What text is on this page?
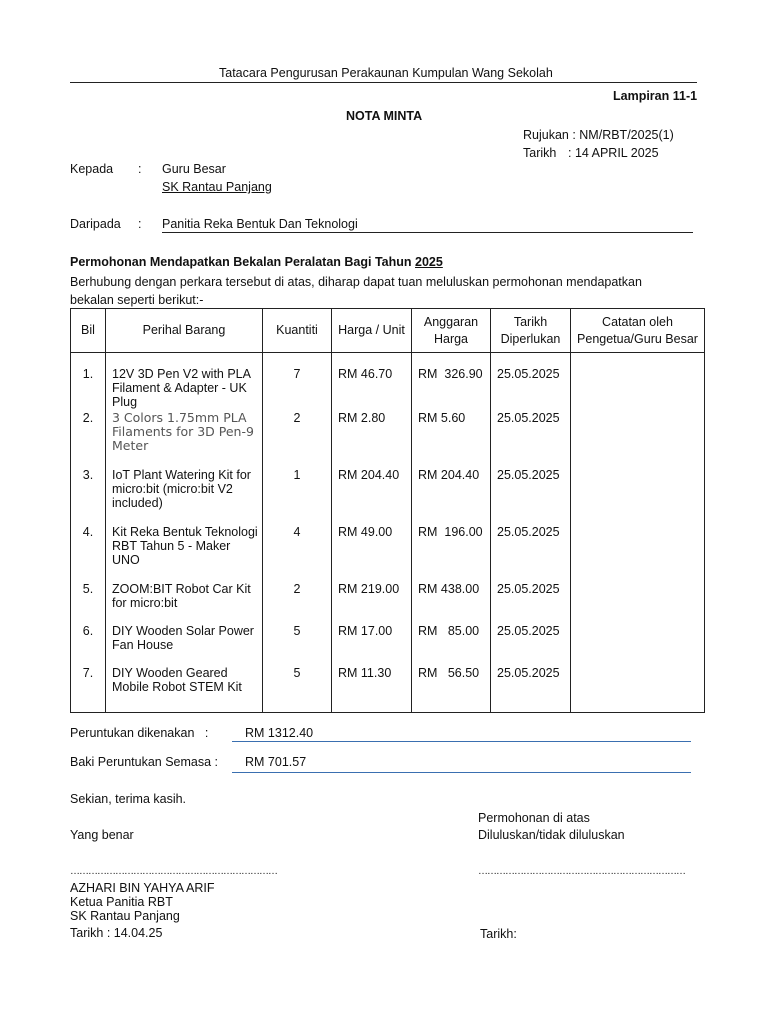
Tatacara Pengurusan Perakaunan Kumpulan Wang Sekolah
Lampiran 11-1
NOTA MINTA
Rujukan : NM/RBT/2025(1)
Tarikh : 14 APRIL 2025
Kepada : Guru Besar
SK Rantau Panjang
Daripada : Panitia Reka Bentuk Dan Teknologi
Permohonan Mendapatkan Bekalan Peralatan Bagi Tahun 2025
Berhubung dengan perkara tersebut di atas, diharap dapat tuan meluluskan permohonan mendapatkan
bekalan seperti berikut:-
Bil	Perihal Barang	Kuantiti	Harga / Unit	Anggaran Harga	Tarikh Diperlukan	Catatan oleh Pengetua/Guru Besar
1.	12V 3D Pen V2 with PLA Filament & Adapter - UK Plug	7	RM 46.70	RM  326.90	25.05.2025	
2.	3 Colors 1.75mm PLA Filaments for 3D Pen-9 Meter	2	RM 2.80	RM 5.60	25.05.2025	
3.	IoT Plant Watering Kit for micro:bit (micro:bit V2 included)	1	RM 204.40	RM 204.40	25.05.2025	
4.	Kit Reka Bentuk Teknologi RBT Tahun 5 - Maker UNO	4	RM 49.00	RM  196.00	25.05.2025	
5.	ZOOM:BIT Robot Car Kit for micro:bit	2	RM 219.00	RM 438.00	25.05.2025	
6.	DIY Wooden Solar Power Fan House	5	RM 17.00	RM   85.00	25.05.2025	
7.	DIY Wooden Geared Mobile Robot STEM Kit	5	RM 11.30	RM   56.50	25.05.2025	
Peruntukan dikenakan   :	RM 1312.40
Baki Peruntukan Semasa : RM 701.57
Sekian, terima kasih.
Permohonan di atas
Yang benar	Diluluskan/tidak diluluskan
……………………………………………………………	……………………………………………………………
AZHARI BIN YAHYA ARIF
Ketua Panitia RBT
SK Rantau Panjang
Tarikh : 14.04.25	Tarikh:
